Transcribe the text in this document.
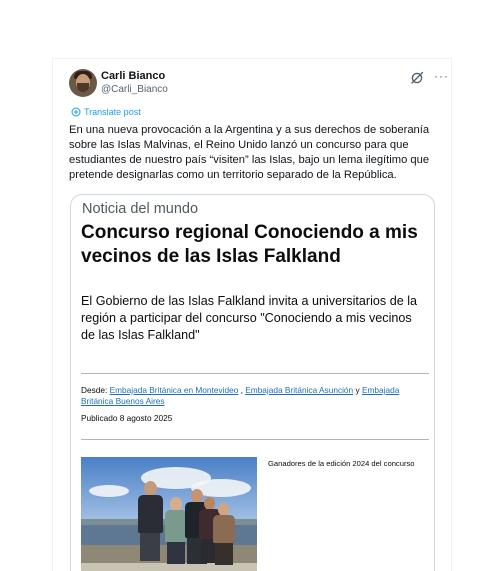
Carli Bianco
@Carli_Bianco
···
Translate post
En una nueva provocación a la Argentina y a sus derechos de soberanía sobre las Islas Malvinas, el Reino Unido lanzó un concurso para que estudiantes de nuestro país “visiten” las Islas, bajo un lema ilegítimo que pretende designarlas como un territorio separado de la República.
Noticia del mundo
Concurso regional Conociendo a mis vecinos de las Islas Falkland
El Gobierno de las Islas Falkland invita a universitarios de la región a participar del concurso "Conociendo a mis vecinos de las Islas Falkland"
Desde: Embajada Británica en Montevideo , Embajada Británica Asunción y Embajada Británica Buenos Aires
Publicado 8 agosto 2025
Ganadores de la edición 2024 del concurso
